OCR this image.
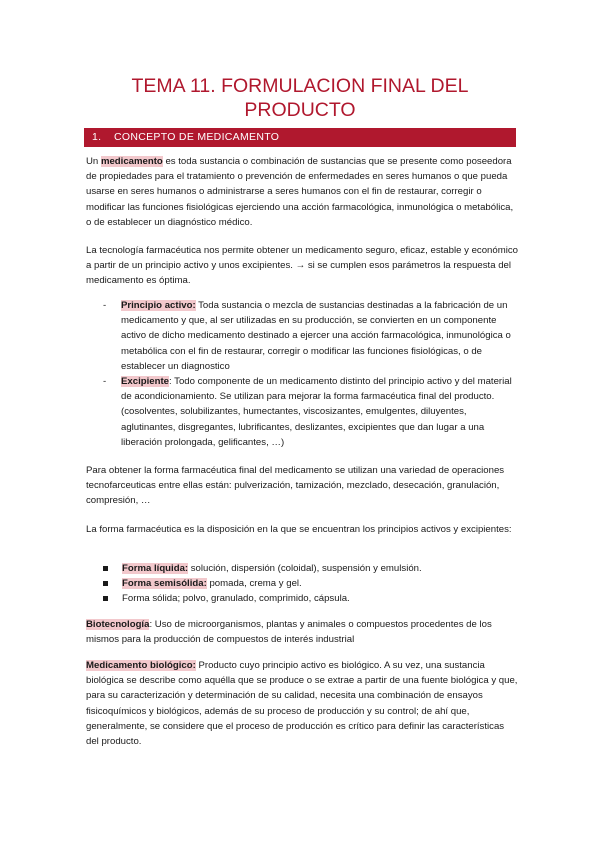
TEMA 11. FORMULACION FINAL DEL
PRODUCTO
1. CONCEPTO DE MEDICAMENTO

Un medicamento es toda sustancia o combinación de sustancias que se presente como poseedora de propiedades para el tratamiento o prevención de enfermedades en seres humanos o que pueda usarse en seres humanos o administrarse a seres humanos con el fin de restaurar, corregir o modificar las funciones fisiológicas ejerciendo una acción farmacológica, inmunológica o metabólica, o de establecer un diagnóstico médico.

La tecnología farmacéutica nos permite obtener un medicamento seguro, eficaz, estable y económico a partir de un principio activo y unos excipientes. → si se cumplen esos parámetros la respuesta del medicamento es óptima.

- Principio activo: Toda sustancia o mezcla de sustancias destinadas a la fabricación de un medicamento y que, al ser utilizadas en su producción, se convierten en un componente activo de dicho medicamento destinado a ejercer una acción farmacológica, inmunológica o metabólica con el fin de restaurar, corregir o modificar las funciones fisiológicas, o de establecer un diagnostico
- Excipiente: Todo componente de un medicamento distinto del principio activo y del material de acondicionamiento. Se utilizan para mejorar la forma farmacéutica final del producto. (cosolventes, solubilizantes, humectantes, viscosizantes, emulgentes, diluyentes, aglutinantes, disgregantes, lubrificantes, deslizantes, excipientes que dan lugar a una liberación prolongada, gelificantes, …)

Para obtener la forma farmacéutica final del medicamento se utilizan una variedad de operaciones tecnofarceuticas entre ellas están: pulverización, tamización, mezclado, desecación, granulación, compresión, …

La forma farmacéutica es la disposición en la que se encuentran los principios activos y excipientes:

Forma líquida: solución, dispersión (coloidal), suspensión y emulsión.
Forma semisólida: pomada, crema y gel.
Forma sólida; polvo, granulado, comprimido, cápsula.

Biotecnología: Uso de microorganismos, plantas y animales o compuestos procedentes de los mismos para la producción de compuestos de interés industrial

Medicamento biológico: Producto cuyo principio activo es biológico. A su vez, una sustancia biológica se describe como aquélla que se produce o se extrae a partir de una fuente biológica y que, para su caracterización y determinación de su calidad, necesita una combinación de ensayos fisicoquímicos y biológicos, además de su proceso de producción y su control; de ahí que, generalmente, se considere que el proceso de producción es crítico para definir las características del producto.
